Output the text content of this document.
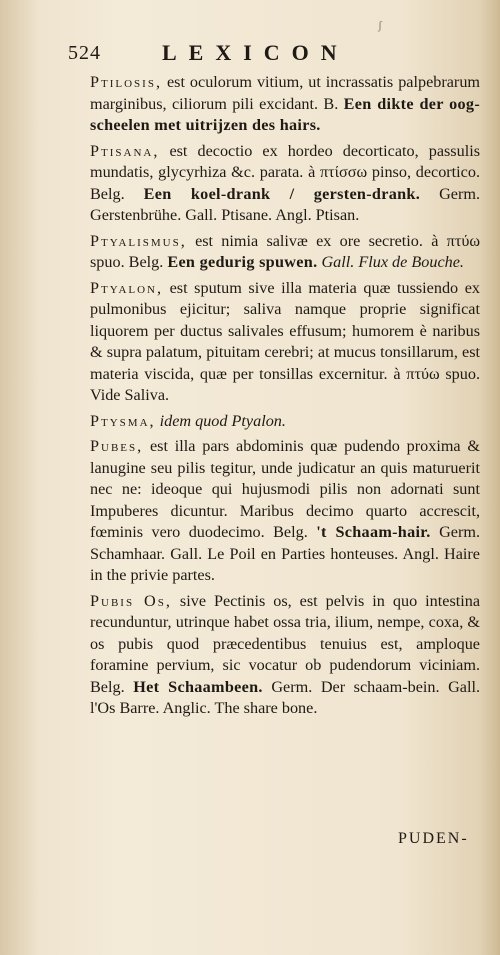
ʃ
524	LEXICON

Ptilosis, est oculorum vitium, ut incrassatis palpebrarum marginibus, ciliorum pili excidant. B. Een dikte der oog-scheelen met uitrijzen des hairs.

Ptisana, est decoctio ex hordeo decorticato, passulis mundatis, glycyrhiza &c. parata. à πτίσσω pinso, decortico. Belg. Een koel-drank / gersten-drank. Germ. Gerstenbrühe. Gall. Ptisane. Angl. Ptisan.

Ptyalismus, est nimia salivæ ex ore secretio. à πτύω spuo. Belg. Een gedurig spuwen. Gall. Flux de Bouche.

Ptyalon, est sputum sive illa materia quæ tussiendo ex pulmonibus ejicitur; saliva namque proprie significat liquorem per ductus salivales effusum; humorem è naribus & supra palatum, pituitam cerebri; at mucus tonsillarum, est materia viscida, quæ per tonsillas excernitur. à πτύω spuo. Vide Saliva.

Ptysma, idem quod Ptyalon.

Pubes, est illa pars abdominis quæ pudendo proxima & lanugine seu pilis tegitur, unde judicatur an quis maturuerit nec ne: ideoque qui hujusmodi pilis non adornati sunt Impuberes dicuntur. Maribus decimo quarto accrescit, fœminis vero duodecimo. Belg. 't Schaam-hair. Germ. Schamhaar. Gall. Le Poil en Parties honteuses. Angl. Haire in the privie partes.

Pubis Os, sive Pectinis os, est pelvis in quo intestina recunduntur, utrinque habet ossa tria, ilium, nempe, coxa, & os pubis quod præcedentibus tenuius est, amploque foramine pervium, sic vocatur ob pudendorum viciniam. Belg. Het Schaambeen. Germ. Der schaam-bein. Gall. l'Os Barre. Anglic. The share bone.

PUDEN-
